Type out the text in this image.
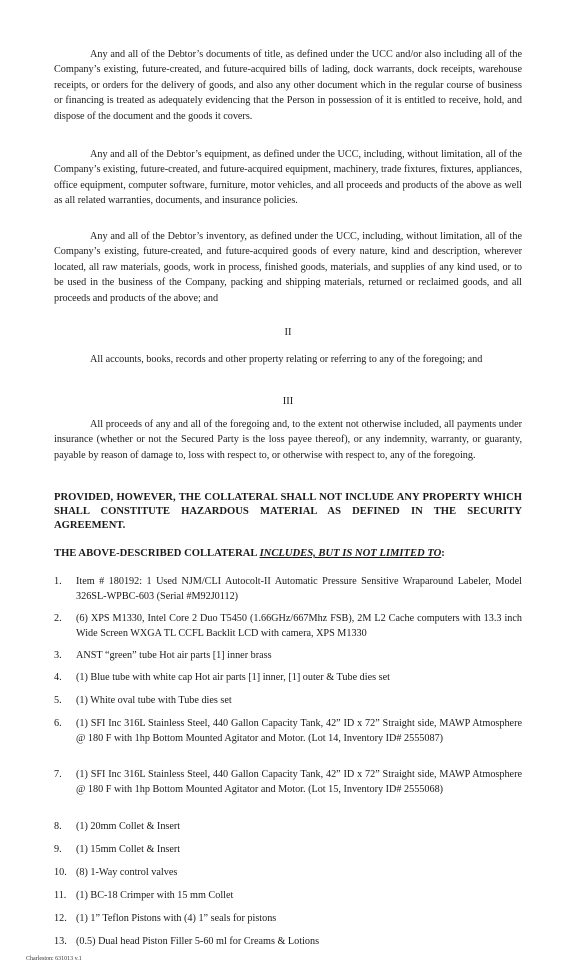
Any and all of the Debtor’s documents of title, as defined under the UCC and/or also including all of the Company’s existing, future-created, and future-acquired bills of lading, dock warrants, dock receipts, warehouse receipts, or orders for the delivery of goods, and also any other document which in the regular course of business or financing is treated as adequately evidencing that the Person in possession of it is entitled to receive, hold, and dispose of the document and the goods it covers.

Any and all of the Debtor’s equipment, as defined under the UCC, including, without limitation, all of the Company’s existing, future-created, and future-acquired equipment, machinery, trade fixtures, fixtures, appliances, office equipment, computer software, furniture, motor vehicles, and all proceeds and products of the above as well as all related warranties, documents, and insurance policies.

Any and all of the Debtor’s inventory, as defined under the UCC, including, without limitation, all of the Company’s existing, future-created, and future-acquired goods of every nature, kind and description, wherever located, all raw materials, goods, work in process, finished goods, materials, and supplies of any kind used, or to be used in the business of the Company, packing and shipping materials, returned or reclaimed goods, and all proceeds and products of the above; and

II

All accounts, books, records and other property relating or referring to any of the foregoing; and

III

All proceeds of any and all of the foregoing and, to the extent not otherwise included, all payments under insurance (whether or not the Secured Party is the loss payee thereof), or any indemnity, warranty, or guaranty, payable by reason of damage to, loss with respect to, or otherwise with respect to, any of the foregoing.

PROVIDED, HOWEVER, THE COLLATERAL SHALL NOT INCLUDE ANY PROPERTY WHICH SHALL CONSTITUTE HAZARDOUS MATERIAL AS DEFINED IN THE SECURITY AGREEMENT.

THE ABOVE-DESCRIBED COLLATERAL INCLUDES, BUT IS NOT LIMITED TO:

1.	Item # 180192: 1 Used NJM/CLI Autocolt-II Automatic Pressure Sensitive Wraparound Labeler, Model 326SL-WPBC-603 (Serial #M92J0112)
2.	(6) XPS M1330, Intel Core 2 Duo T5450 (1.66GHz/667Mhz FSB), 2M L2 Cache computers with 13.3 inch Wide Screen WXGA TL CCFL Backlit LCD with camera, XPS M1330
3.	ANST “green” tube Hot air parts [1] inner brass
4.	(1) Blue tube with white cap Hot air parts [1] inner, [1] outer & Tube dies set
5.	(1) White oval tube with Tube dies set
6.	(1) SFI Inc 316L Stainless Steel, 440 Gallon Capacity Tank, 42” ID x 72” Straight side, MAWP Atmosphere @ 180 F with 1hp Bottom Mounted Agitator and Motor. (Lot 14, Inventory ID# 2555087)
7.	(1) SFI Inc 316L Stainless Steel, 440 Gallon Capacity Tank, 42” ID x 72” Straight side, MAWP Atmosphere @ 180 F with 1hp Bottom Mounted Agitator and Motor. (Lot 15, Inventory ID# 2555068)
8.	(1) 20mm Collet & Insert
9.	(1) 15mm Collet & Insert
10. (8) 1-Way control valves
11. (1) BC-18 Crimper with 15 mm Collet
12. (1) 1” Teflon Pistons with (4) 1” seals for pistons
13. (0.5) Dual head Piston Filler 5-60 ml for Creams & Lotions
Charleston: 631013 v.1
